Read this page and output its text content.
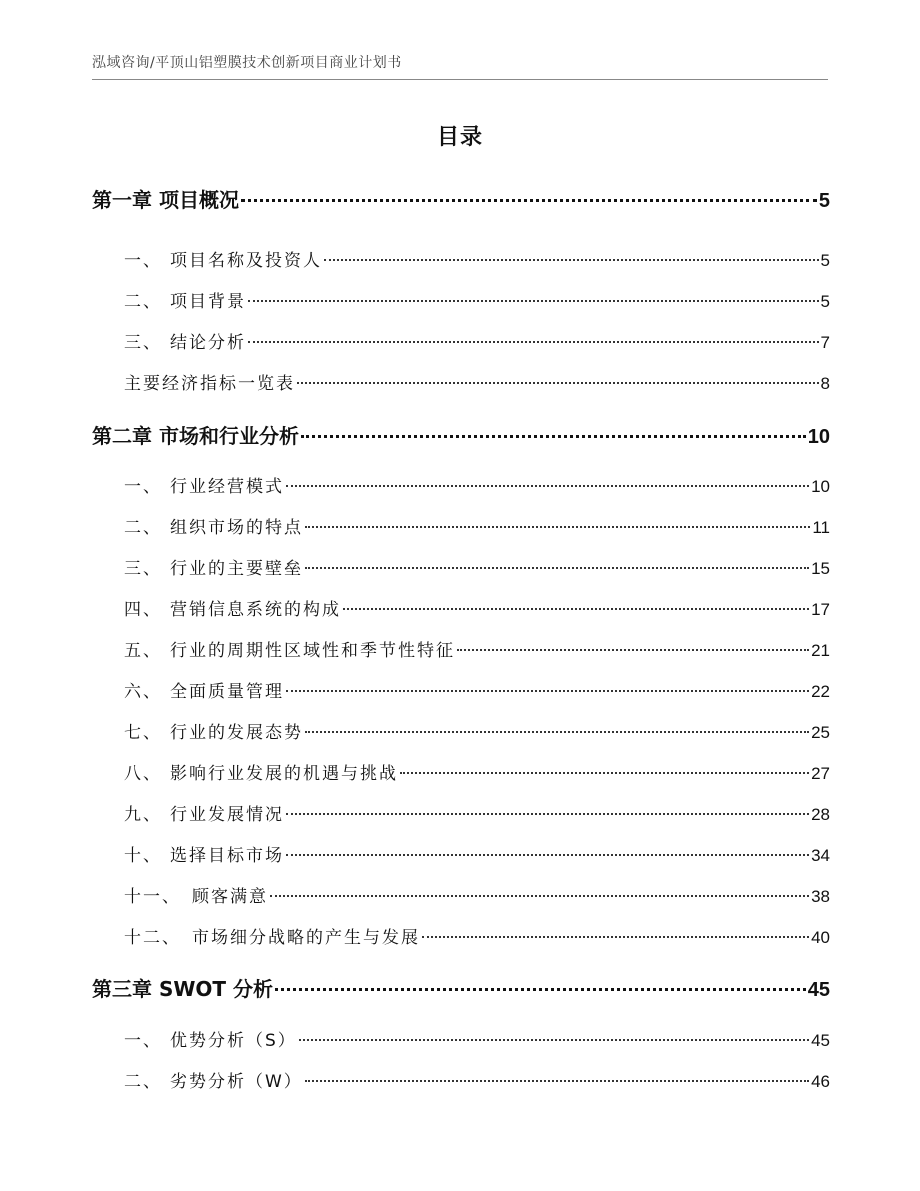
泓域咨询/平顶山铝塑膜技术创新项目商业计划书
目录
第一章 项目概况	5
一、 项目名称及投资人	5
二、 项目背景	5
三、 结论分析	7
主要经济指标一览表	8
第二章 市场和行业分析	10
一、 行业经营模式	10
二、 组织市场的特点	11
三、 行业的主要壁垒	15
四、 营销信息系统的构成	17
五、 行业的周期性区域性和季节性特征	21
六、 全面质量管理	22
七、 行业的发展态势	25
八、 影响行业发展的机遇与挑战	27
九、 行业发展情况	28
十、 选择目标市场	34
十一、 顾客满意	38
十二、 市场细分战略的产生与发展	40
第三章 SWOT 分析	45
一、 优势分析（S）	45
二、 劣势分析（W）	46
